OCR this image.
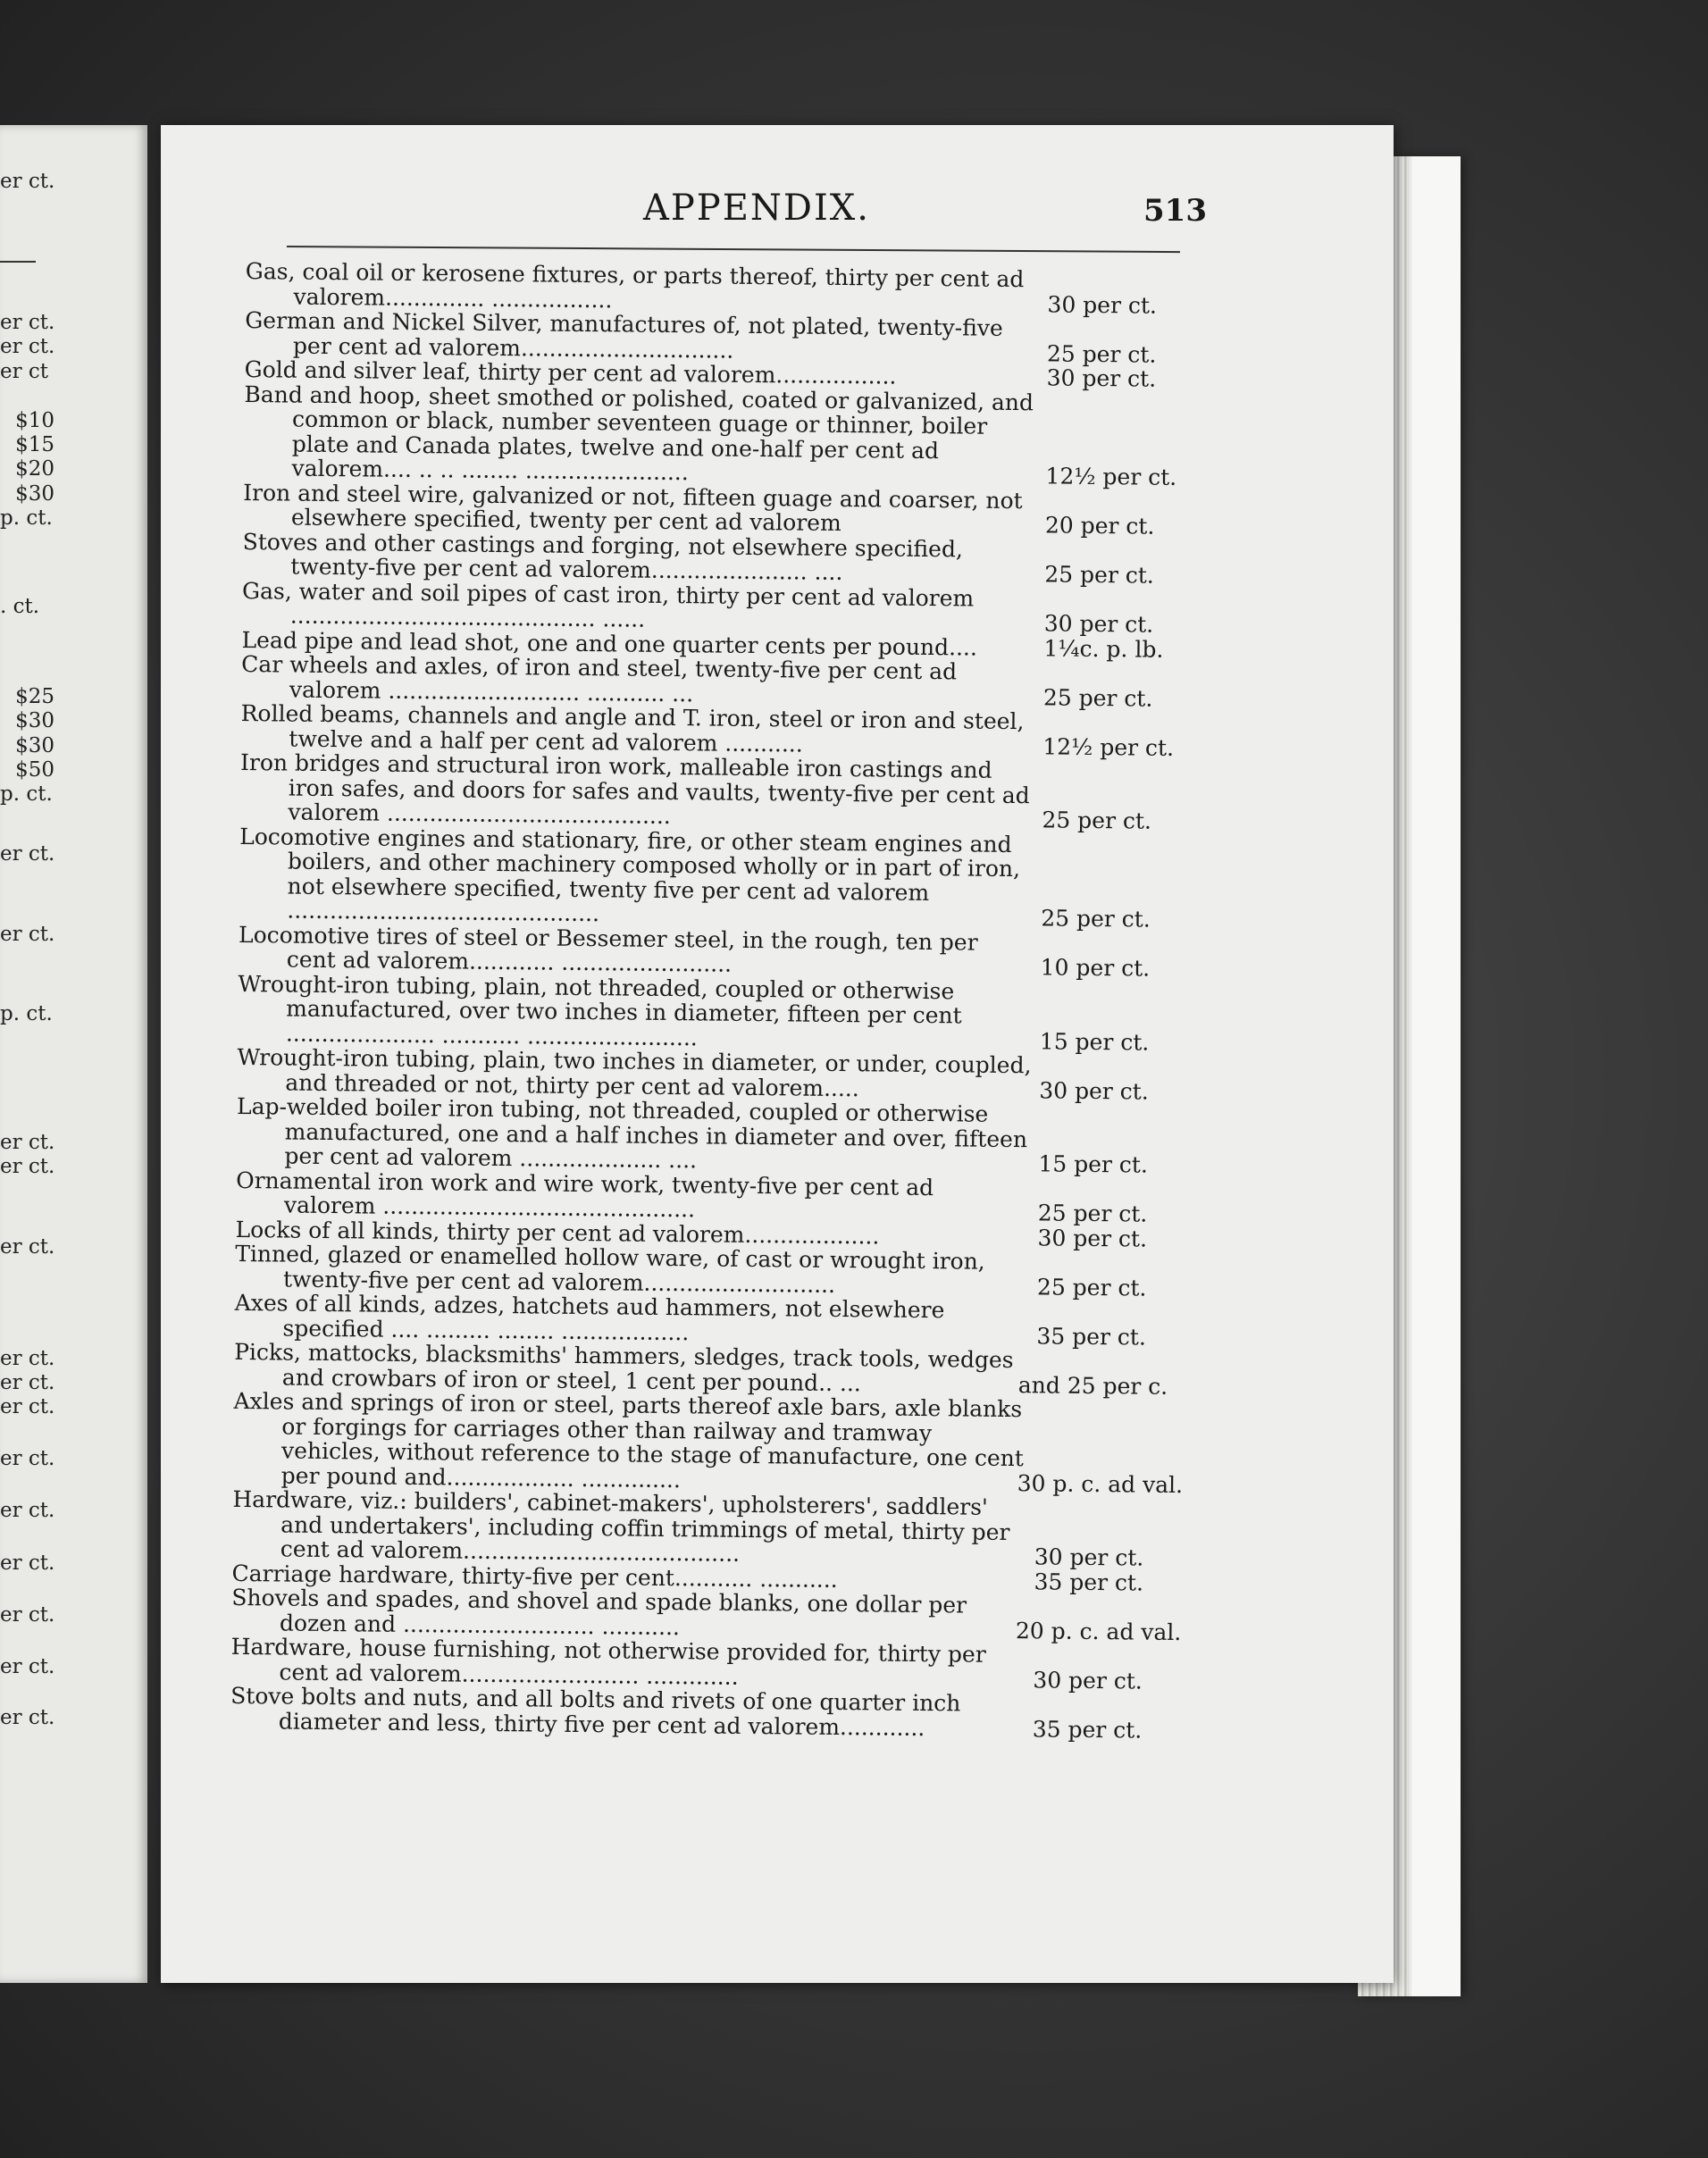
er ct.
er ct.
er ct.
er ct
$10
$15
$20
$30
p. ct.
. ct.
$25
$30
$30
$50
p. ct.
er ct.
er ct.
p. ct.
er ct.
er ct.
er ct.
er ct.
er ct.
er ct.
er ct.
er ct.
er ct.
er ct.
er ct.
er ct.
APPENDIX.	513
Gas, coal oil or kerosene fixtures, or parts thereof, thirty per cent ad valorem.............. .................	30 per ct.
German and Nickel Silver, manufactures of, not plated, twenty-five per cent ad valorem..............................	25 per ct.
Gold and silver leaf, thirty per cent ad valorem.................	30 per ct.
Band and hoop, sheet smothed or polished, coated or galvanized, and common or black, number seventeen guage or thinner, boiler plate and Canada plates, twelve and one-half per cent ad valorem.... .. .. ........ .......................	12½ per ct.
Iron and steel wire, galvanized or not, fifteen guage and coarser, not elsewhere specified, twenty per cent ad valorem	20 per ct.
Stoves and other castings and forging, not elsewhere specified, twenty-five per cent ad valorem...................... ....	25 per ct.
Gas, water and soil pipes of cast iron, thirty per cent ad valorem ........................................... ......	30 per ct.
Lead pipe and lead shot, one and one quarter cents per pound....	1¼c. p. lb.
Car wheels and axles, of iron and steel, twenty-five per cent ad valorem ........................... ........... ...	25 per ct.
Rolled beams, channels and angle and T. iron, steel or iron and steel, twelve and a half per cent ad valorem ...........	12½ per ct.
Iron bridges and structural iron work, malleable iron castings and iron safes, and doors for safes and vaults, twenty-five per cent ad valorem ........................................	25 per ct.
Locomotive engines and stationary, fire, or other steam engines and boilers, and other machinery composed wholly or in part of iron, not elsewhere specified, twenty five per cent ad valorem ............................................	25 per ct.
Locomotive tires of steel or Bessemer steel, in the rough, ten per cent ad valorem............ ........................	10 per ct.
Wrought-iron tubing, plain, not threaded, coupled or otherwise manufactured, over two inches in diameter, fifteen per cent ..................... ........... ........................	15 per ct.
Wrought-iron tubing, plain, two inches in diameter, or under, coupled, and threaded or not, thirty per cent ad valorem.....	30 per ct.
Lap-welded boiler iron tubing, not threaded, coupled or otherwise manufactured, one and a half inches in diameter and over, fifteen per cent ad valorem .................... ....	15 per ct.
Ornamental iron work and wire work, twenty-five per cent ad valorem ............................................	25 per ct.
Locks of all kinds, thirty per cent ad valorem...................	30 per ct.
Tinned, glazed or enamelled hollow ware, of cast or wrought iron, twenty-five per cent ad valorem...........................	25 per ct.
Axes of all kinds, adzes, hatchets aud hammers, not elsewhere specified .... ......... ........ ..................	35 per ct.
Picks, mattocks, blacksmiths' hammers, sledges, track tools, wedges and crowbars of iron or steel, 1 cent per pound.. ...	and 25 per c.
Axles and springs of iron or steel, parts thereof axle bars, axle blanks or forgings for carriages other than railway and tramway vehicles, without reference to the stage of manufacture, one cent per pound and.................. ..............	30 p. c. ad val.
Hardware, viz.: builders', cabinet-makers', upholsterers', saddlers' and undertakers', including coffin trimmings of metal, thirty per cent ad valorem.......................................	30 per ct.
Carriage hardware, thirty-five per cent........... ...........	35 per ct.
Shovels and spades, and shovel and spade blanks, one dollar per dozen and ........................... ...........	20 p. c. ad val.
Hardware, house furnishing, not otherwise provided for, thirty per cent ad valorem......................... .............	30 per ct.
Stove bolts and nuts, and all bolts and rivets of one quarter inch diameter and less, thirty five per cent ad valorem............	35 per ct.
